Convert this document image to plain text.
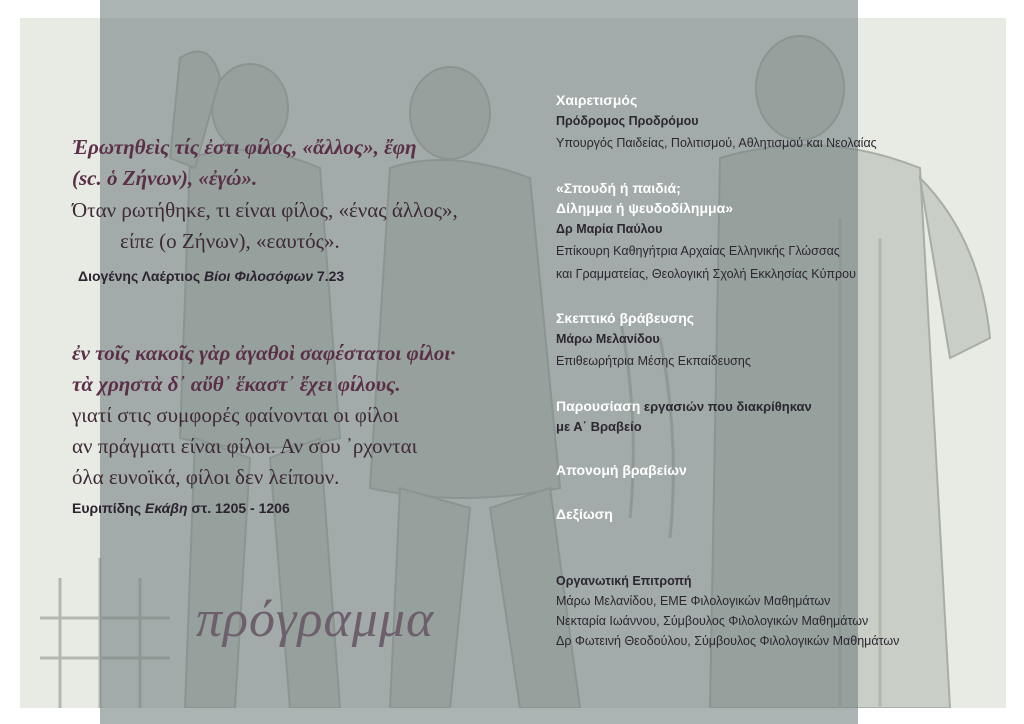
Ἐρωτηθεὶς τίς ἐστι φίλος, «ἄλλος», ἔφη

(sc. ὁ Ζήνων), «ἐγώ».

Όταν ρωτήθηκε, τι είναι φίλος, «ένας άλλος»,

είπε (ο Ζήνων), «εαυτός».

Διογένης Λαέρτιος Βίοι Φιλοσόφων 7.23

ἐν τοῖς κακοῖς γὰρ ἀγαθοὶ σαφέστατοι φίλοι·

τὰ χρηστὰ δ᾽ αὔθ᾽ ἕκαστ᾽ ἔχει φίλους.

γιατί στις συμφορές φαίνονται οι φίλοι

αν πράγματι είναι φίλοι. Αν σου ᾽ρχονται

όλα ευνοϊκά, φίλοι δεν λείπουν.

Ευριπίδης Εκάβη στ. 1205 - 1206

πρόγραμμα

Χαιρετισμός

Πρόδρομος Προδρόμου

Υπουργός Παιδείας, Πολιτισμού, Αθλητισμού και Νεολαίας

«Σπουδή ή παιδιά;

Δίλημμα ή ψευδοδίλημμα»

Δρ Μαρία Παύλου

Επίκουρη Καθηγήτρια Αρχαίας Ελληνικής Γλώσσας

και Γραμματείας, Θεολογική Σχολή Εκκλησίας Κύπρου

Σκεπτικό βράβευσης

Μάρω Μελανίδου

Επιθεωρήτρια Μέσης Εκπαίδευσης

Παρουσίαση εργασιών που διακρίθηκαν

με Α΄ Βραβείο

Απονομή βραβείων

Δεξίωση

Οργανωτική Επιτροπή

Μάρω Μελανίδου, ΕΜΕ Φιλολογικών Μαθημάτων

Νεκταρία Ιωάννου, Σύμβουλος Φιλολογικών Μαθημάτων

Δρ Φωτεινή Θεοδούλου, Σύμβουλος Φιλολογικών Μαθημάτων
